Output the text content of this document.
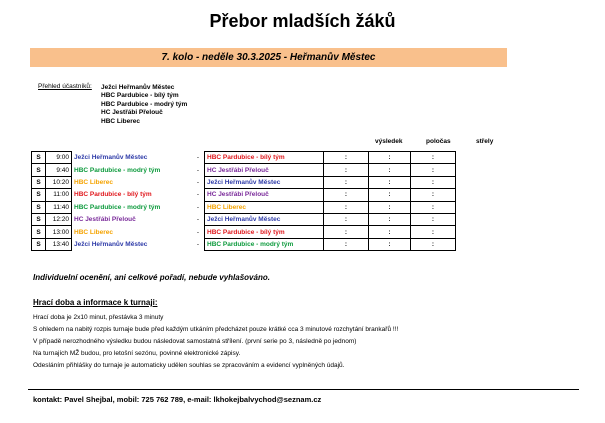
Přebor mladších žáků
7. kolo - neděle 30.3.2025 - Heřmanův Městec
Přehled účastníků: Ježci Heřmanův Městec
HBC Pardubice - bílý tým
HBC Pardubice - modrý tým
HC Jestřábi Přelouč
HBC Liberec
výsledek	poločas	střely
S	9:00	Ježci Heřmanův Městec	-	HBC Pardubice - bílý tým	:	:	:
S	9:40	HBC Pardubice - modrý tým	-	HC Jestřábi Přelouč	:	:	:
S	10:20	HBC Liberec	-	Ježci Heřmanův Městec	:	:	:
S	11:00	HBC Pardubice - bílý tým	-	HC Jestřábi Přelouč	:	:	:
S	11:40	HBC Pardubice - modrý tým	-	HBC Liberec	:	:	:
S	12:20	HC Jestřábi Přelouč	-	Ježci Heřmanův Městec	:	:	:
S	13:00	HBC Liberec	-	HBC Pardubice - bílý tým	:	:	:
S	13:40	Ježci Heřmanův Městec	-	HBC Pardubice - modrý tým	:	:	:
Individuelní ocenění, ani celkové pořadí, nebude vyhlašováno.
Hrací doba a informace k turnaji:
Hrací doba je 2x10 minut, přestávka 3 minuty
S ohledem na nabitý rozpis turnaje bude před každým utkáním předcházet pouze krátké cca 3 minutové rozchytání brankařů !!!
V případě nerozhodného výsledku budou následovat samostatná střílení. (první serie po 3, následně po jednom)
Na turnajích MŽ budou, pro letošní sezónu, povinné elektronické zápisy.
Odesláním přihlášky do turnaje je automaticky udělen souhlas se zpracováním a evidencí vyplněných údajů.
kontakt: Pavel Shejbal, mobil: 725 762 789, e-mail: lkhokejbalvychod@seznam.cz
